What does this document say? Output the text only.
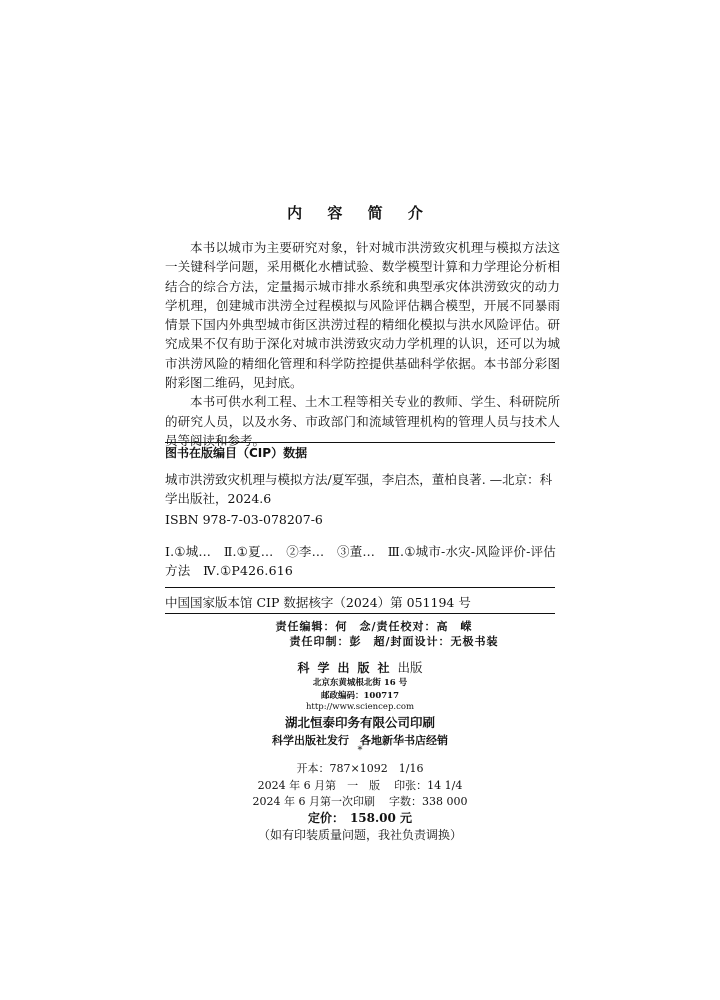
内 容 简 介

本书以城市为主要研究对象，针对城市洪涝致灾机理与模拟方法这一关键科学问题，采用概化水槽试验、数学模型计算和力学理论分析相结合的综合方法，定量揭示城市排水系统和典型承灾体洪涝致灾的动力学机理，创建城市洪涝全过程模拟与风险评估耦合模型，开展不同暴雨情景下国内外典型城市街区洪涝过程的精细化模拟与洪水风险评估。研究成果不仅有助于深化对城市洪涝致灾动力学机理的认识，还可以为城市洪涝风险的精细化管理和科学防控提供基础科学依据。本书部分彩图附彩图二维码，见封底。

本书可供水利工程、土木工程等相关专业的教师、学生、科研院所的研究人员，以及水务、市政部门和流域管理机构的管理人员与技术人员等阅读和参考。

图书在版编目（CIP）数据
城市洪涝致灾机理与模拟方法/夏军强，李启杰，董柏良著. —北京：科学出版社，2024.6
ISBN 978-7-03-078207-6
Ⅰ.①城…　Ⅱ.①夏…　②李…　③董…　Ⅲ.①城市-水灾-风险评价-评估方法　Ⅳ.①P426.616
中国国家版本馆 CIP 数据核字（2024）第 051194 号
责任编辑：何　念/责任校对：高　嵘
责任印制：彭　超/封面设计：无极书装
科学出版社出版
北京东黄城根北街 16 号
邮政编码：100717
http://www.sciencep.com
湖北恒泰印务有限公司印刷
科学出版社发行　各地新华书店经销
*
开本：787×1092　1/16
2024 年 6 月第　一　版 印张：14 1/4
2024 年 6 月第一次印刷 字数：338 000
定价：　158.00 元
（如有印装质量问题，我社负责调换）
